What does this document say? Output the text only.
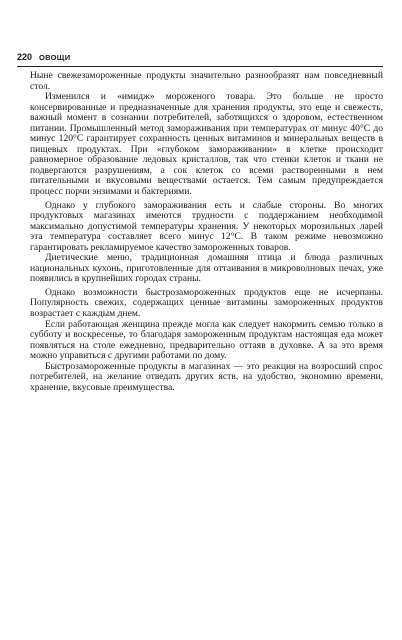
220 ОВОЩИ

Ныне свежезамороженные продукты значительно разнообразят нам повседневный стол.

Изменился и «имидж» мороженого товара. Это больше не просто консервированные и предназначенные для хранения продукты, это еще и свежесть, важный момент в сознании потребителей, заботящихся о здоровом, естественном питании. Промышленный метод замораживания при температурах от минус 40°С до минус 120°С гарантирует сохранность ценных витаминов и минеральных веществ в пищевых продуктах. При «глубоком замораживании» в клетке происходит равномерное образование ледовых кристаллов, так что стенки клеток и ткани не подвергаются разрушениям, а сок клеток со всеми растворенными в нем питательными и вкусовыми веществами остается. Тем самым предупреждается процесс порчи энзимами и бактериями.

Однако у глубокого замораживания есть и слабые стороны. Во многих продуктовых магазинах имеются трудности с поддержанием необходимой максимально допустимой температуры хранения. У некоторых морозильных ларей эта температура составляет всего минус 12°С. В таком режиме невозможно гарантировать рекламируемое качество замороженных товаров.

Диетические меню, традиционная домашняя птица и блюда различных национальных кухонь, приготовленные для оттаивания в микроволновых печах, уже появились в крупнейших городах страны.

Однако возможности быстрозамороженных продуктов еще не исчерпаны. Популярность свежих, содержащих ценные витамины замороженных продуктов возрастает с каждым днем.

Если работающая женщина прежде могла как следует накормить семью только в субботу и воскресенье, то благодаря замороженным продуктам настоящая еда может появляться на столе ежедневно, предварительно оттаяв в духовке. А за это время можно управиться с другими работами по дому.

Быстрозамороженные продукты в магазинах — это реакция на возросший спрос потребителей, на желание отведать других яств, на удобство, экономию времени, хранение, вкусовые преимущества.
